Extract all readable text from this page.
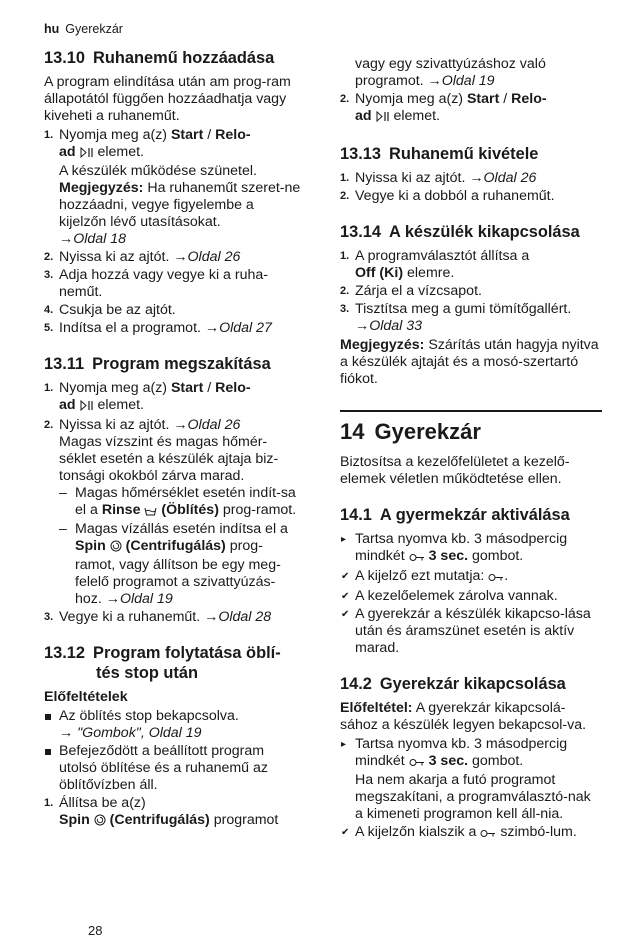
hu Gyerekzár
13.10 Ruhanemű hozzáadása

A program elindítása után am prog-ram állapotától függően hozzáadhatja vagy kiveheti a ruhaneműt.

1. Nyomja meg a(z) Start / Relo-
ad  elemet.
A készülék működése szünetel.
Megjegyzés: Ha ruhaneműt szeret-ne hozzáadni, vegye figyelembe a kijelzőn lévő utasításokat.
→Oldal 18
2. Nyissa ki az ajtót. →Oldal 26
3. Adja hozzá vagy vegye ki a ruha-neműt.
4. Csukja be az ajtót.
5. Indítsa el a programot. →Oldal 27
13.11 Program megszakítása
1. Nyomja meg a(z) Start / Relo-
ad  elemet.
2. Nyissa ki az ajtót. →Oldal 26
Magas vízszint és magas hőmér-séklet esetén a készülék ajtaja biz-tonsági okokból zárva marad.
– Magas hőmérséklet esetén indít-sa el a Rinse (Öblítés) prog-ramot.
– Magas vízállás esetén indítsa el a Spin (Centrifugálás) prog-ramot, vagy állítson be egy meg-felelő programot a szivattyúzás-hoz. →Oldal 19
3. Vegye ki a ruhaneműt. →Oldal 28
13.12 Program folytatása öblí-tés stop után

Előfeltételek

Az öblítés stop bekapcsolva.
→ "Gombok", Oldal 19
Befejeződött a beállított program utolsó öblítése és a ruhanemű az öblítővízben áll.
1. Állítsa be a(z)
Spin (Centrifugálás) programot
28
vagy egy szivattyúzáshoz való programot. →Oldal 19
2. Nyomja meg a(z) Start / Relo-
ad  elemet.
13.13 Ruhanemű kivétele
1. Nyissa ki az ajtót. →Oldal 26
2. Vegye ki a dobból a ruhaneműt.
13.14 A készülék kikapcsolása
1. A programválasztót állítsa a
Off (Ki) elemre.
2. Zárja el a vízcsapot.
3. Tisztítsa meg a gumi tömítőgallért.
→Oldal 33

Megjegyzés: Szárítás után hagyja nyitva a készülék ajtaját és a mosó-szertartó fiókot.

14 Gyerekzár

Biztosítsa a kezelőfelületet a kezelő-elemek véletlen működtetése ellen.

14.1 A gyermekzár aktiválása
▸ Tartsa nyomva kb. 3 másodpercig mindkét 3 sec. gombot.
✔ A kijelző ezt mutatja: .
✔ A kezelőelemek zárolva vannak.
✔ A gyerekzár a készülék kikapcso-lása után és áramszünet esetén is aktív marad.
14.2 Gyerekzár kikapcsolása

Előfeltétel: A gyerekzár kikapcsolá-sához a készülék legyen bekapcsol-va.

▸ Tartsa nyomva kb. 3 másodpercig mindkét 3 sec. gombot.
Ha nem akarja a futó programot megszakítani, a programválasztó-nak a kimeneti programon kell áll-nia.
✔ A kijelzőn kialszik a  szimbó-lum.
